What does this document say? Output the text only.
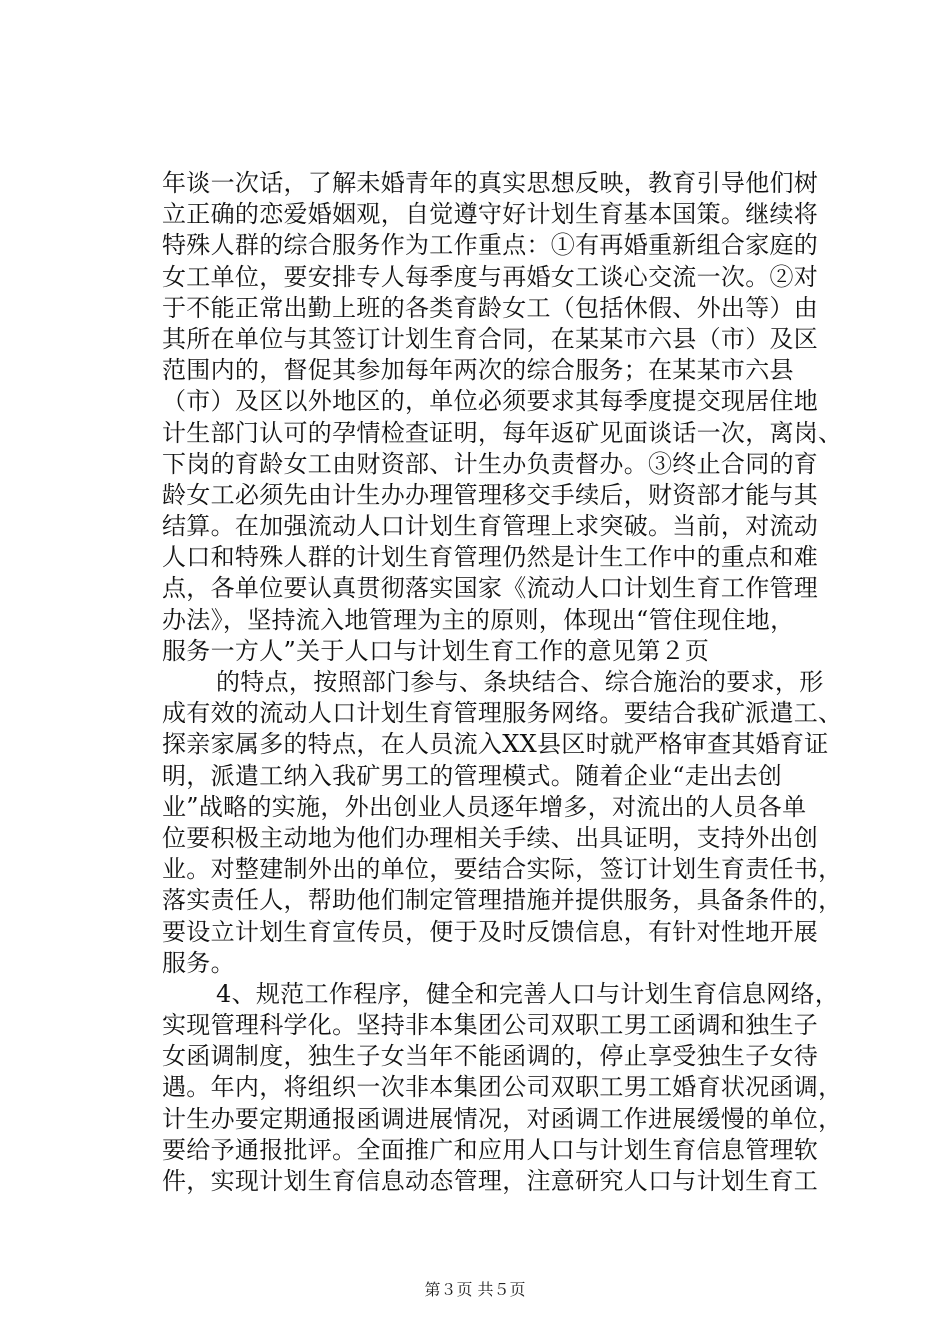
年谈一次话，了解未婚青年的真实思想反映，教育引导他们树
立正确的恋爱婚姻观，自觉遵守好计划生育基本国策。继续将
特殊人群的综合服务作为工作重点：①有再婚重新组合家庭的
女工单位，要安排专人每季度与再婚女工谈心交流一次。②对
于不能正常出勤上班的各类育龄女工（包括休假、外出等）由
其所在单位与其签订计划生育合同，在某某市六县（市）及区
范围内的，督促其参加每年两次的综合服务；在某某市六县
（市）及区以外地区的，单位必须要求其每季度提交现居住地
计生部门认可的孕情检查证明，每年返矿见面谈话一次，离岗、
下岗的育龄女工由财资部、计生办负责督办。③终止合同的育
龄女工必须先由计生办办理管理移交手续后，财资部才能与其
结算。在加强流动人口计划生育管理上求突破。当前，对流动
人口和特殊人群的计划生育管理仍然是计生工作中的重点和难
点，各单位要认真贯彻落实国家《流动人口计划生育工作管理
办法》，坚持流入地管理为主的原则，体现出“管住现住地，
服务一方人”关于人口与计划生育工作的意见第２页
的特点，按照部门参与、条块结合、综合施治的要求，形
成有效的流动人口计划生育管理服务网络。要结合我矿派遣工、
探亲家属多的特点，在人员流入XX县区时就严格审查其婚育证
明，派遣工纳入我矿男工的管理模式。随着企业“走出去创
业”战略的实施，外出创业人员逐年增多，对流出的人员各单
位要积极主动地为他们办理相关手续、出具证明，支持外出创
业。对整建制外出的单位，要结合实际，签订计划生育责任书，
落实责任人，帮助他们制定管理措施并提供服务，具备条件的，
要设立计划生育宣传员，便于及时反馈信息，有针对性地开展
服务。
4、规范工作程序，健全和完善人口与计划生育信息网络，
实现管理科学化。坚持非本集团公司双职工男工函调和独生子
女函调制度，独生子女当年不能函调的，停止享受独生子女待
遇。年内，将组织一次非本集团公司双职工男工婚育状况函调，
计生办要定期通报函调进展情况，对函调工作进展缓慢的单位，
要给予通报批评。全面推广和应用人口与计划生育信息管理软
件，实现计划生育信息动态管理，注意研究人口与计划生育工
第３页 共５页
